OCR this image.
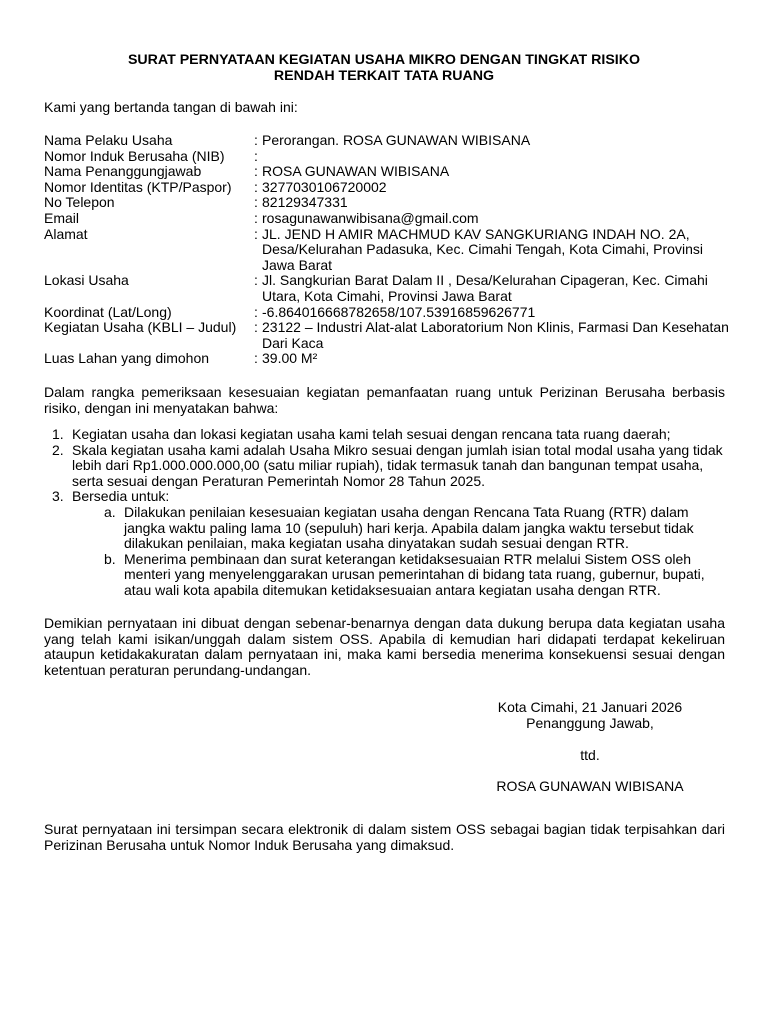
SURAT PERNYATAAN KEGIATAN USAHA MIKRO DENGAN TINGKAT RISIKO
RENDAH TERKAIT TATA RUANG

Kami yang bertanda tangan di bawah ini:

Nama Pelaku Usaha	: Perorangan. ROSA GUNAWAN WIBISANA
Nomor Induk Berusaha (NIB)	:

Nama Penanggungjawab	: ROSA GUNAWAN WIBISANA
Nomor Identitas (KTP/Paspor)	: 3277030106720002
No Telepon	: 82129347331
Email	: rosagunawanwibisana@gmail.com
Alamat	: JL. JEND H AMIR MACHMUD KAV SANGKURIANG INDAH NO. 2A, Desa/Kelurahan Padasuka, Kec. Cimahi Tengah, Kota Cimahi, Provinsi Jawa Barat
Lokasi Usaha	: Jl. Sangkurian Barat Dalam II , Desa/Kelurahan Cipageran, Kec. Cimahi Utara, Kota Cimahi, Provinsi Jawa Barat
Koordinat (Lat/Long)	: -6.864016668782658/107.53916859626771
Kegiatan Usaha (KBLI – Judul)	: 23122 – Industri Alat-alat Laboratorium Non Klinis, Farmasi Dan Kesehatan Dari Kaca
Luas Lahan yang dimohon	: 39.00 M²

Dalam rangka pemeriksaan kesesuaian kegiatan pemanfaatan ruang untuk Perizinan Berusaha berbasis risiko, dengan ini menyatakan bahwa:

1. Kegiatan usaha dan lokasi kegiatan usaha kami telah sesuai dengan rencana tata ruang daerah;
2. Skala kegiatan usaha kami adalah Usaha Mikro sesuai dengan jumlah isian total modal usaha yang tidak lebih dari Rp1.000.000.000,00 (satu miliar rupiah), tidak termasuk tanah dan bangunan tempat usaha, serta sesuai dengan Peraturan Pemerintah Nomor 28 Tahun 2025.
3. Bersedia untuk:
a. Dilakukan penilaian kesesuaian kegiatan usaha dengan Rencana Tata Ruang (RTR) dalam jangka waktu paling lama 10 (sepuluh) hari kerja. Apabila dalam jangka waktu tersebut tidak dilakukan penilaian, maka kegiatan usaha dinyatakan sudah sesuai dengan RTR.
b. Menerima pembinaan dan surat keterangan ketidaksesuaian RTR melalui Sistem OSS oleh menteri yang menyelenggarakan urusan pemerintahan di bidang tata ruang, gubernur, bupati, atau wali kota apabila ditemukan ketidaksesuaian antara kegiatan usaha dengan RTR.

Demikian pernyataan ini dibuat dengan sebenar-benarnya dengan data dukung berupa data kegiatan usaha yang telah kami isikan/unggah dalam sistem OSS. Apabila di kemudian hari didapati terdapat kekeliruan ataupun ketidakakuratan dalam pernyataan ini, maka kami bersedia menerima konsekuensi sesuai dengan ketentuan peraturan perundang-undangan.

Kota Cimahi, 21 Januari 2026
Penanggung Jawab,
ttd.
ROSA GUNAWAN WIBISANA

Surat pernyataan ini tersimpan secara elektronik di dalam sistem OSS sebagai bagian tidak terpisahkan dari Perizinan Berusaha untuk Nomor Induk Berusaha yang dimaksud.
